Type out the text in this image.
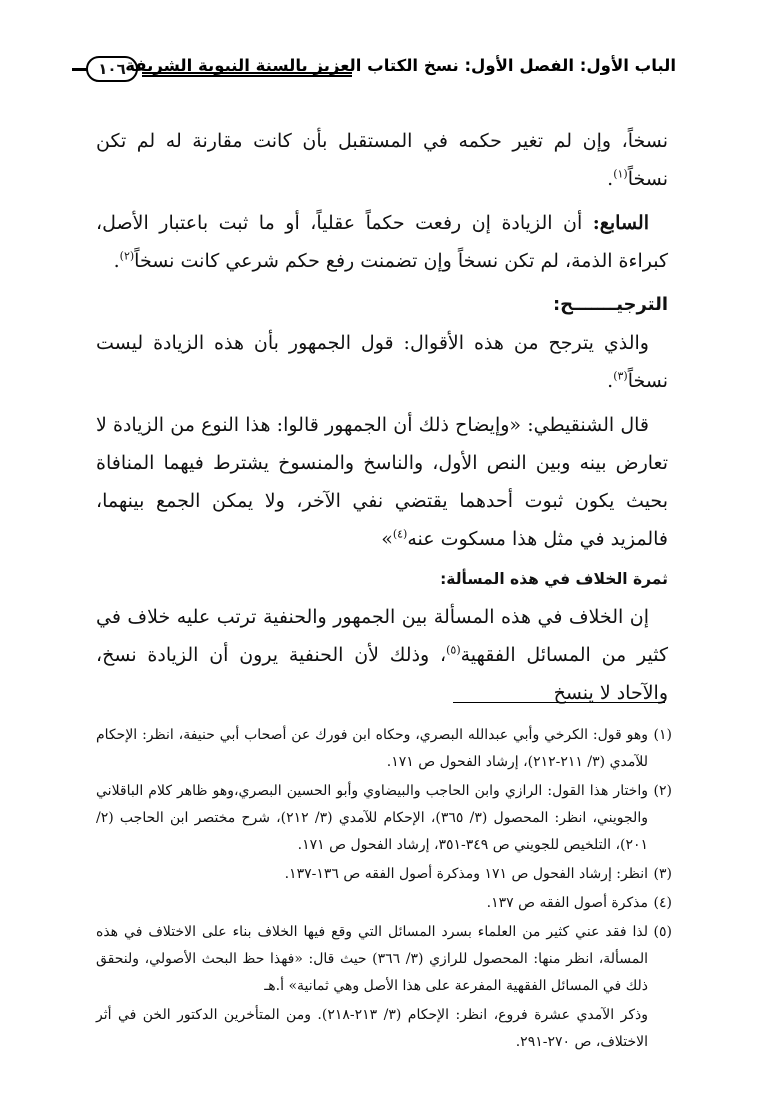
الباب الأول: الفصل الأول: نسخ الكتاب العزيز بالسنة النبوية الشريفة
١٠٦

نسخاً، وإن لم تغير حكمه في المستقبل بأن كانت مقارنة له لم تكن نسخاً$^{(١)}$.

 السابع: أن الزيادة إن رفعت حكماً عقلياً، أو ما ثبت باعتبار الأصل، كبراءة الذمة، لم تكن نسخاً وإن تضمنت رفع حكم شرعي كانت نسخاً$^{(٢)}$.

الترجيـــــــح:

 والذي يترجح من هذه الأقوال: قول الجمهور بأن هذه الزيادة ليست نسخاً$^{(٣)}$.

 قال الشنقيطي: «وإيضاح ذلك أن الجمهور قالوا: هذا النوع من الزيادة لا تعارض بينه وبين النص الأول، والناسخ والمنسوخ يشترط فيهما المنافاة بحيث يكون ثبوت أحدهما يقتضي نفي الآخر، ولا يمكن الجمع بينهما، فالمزيد في مثل هذا مسكوت عنه$^{(٤)}$»

ثمرة الخلاف في هذه المسألة:

 إن الخلاف في هذه المسألة بين الجمهور والحنفية ترتب عليه خلاف في كثير من المسائل الفقهية$^{(٥)}$، وذلك لأن الحنفية يرون أن الزيادة نسخ، والآحاد لا ينسخ

(١)
وهو قول: الكرخي وأبي عبدالله البصري، وحكاه ابن فورك عن أصحاب أبي حنيفة، انظر: الإحكام للآمدي (٣/ ٢١١-٢١٢)، إرشاد الفحول ص ١٧١.
(٢)
واختار هذا القول: الرازي وابن الحاجب والبيضاوي وأبو الحسين البصري،وهو ظاهر كلام الباقلاني والجويني، انظر: المحصول (٣/ ٣٦٥)، الإحكام للآمدي (٣/ ٢١٢)، شرح مختصر ابن الحاجب (٢/ ٢٠١)، التلخيص للجويني ص ٣٤٩-٣٥١، إرشاد الفحول ص ١٧١.
(٣)
انظر: إرشاد الفحول ص ١٧١ ومذكرة أصول الفقه ص ١٣٦-١٣٧.
(٤)
مذكرة أصول الفقه ص ١٣٧.
(٥)
لذا فقد عني كثير من العلماء بسرد المسائل التي وقع فيها الخلاف بناء على الاختلاف في هذه المسألة، انظر منها: المحصول للرازي (٣/ ٣٦٦) حيث قال: «فهذا حظ البحث الأصولي، ولنحقق ذلك في المسائل الفقهية المفرعة على هذا الأصل وهي ثمانية» أ.هـ
وذكر الآمدي عشرة فروع، انظر: الإحكام (٣/ ٢١٣-٢١٨). ومن المتأخرين الدكتور الخن في أثر الاختلاف، ص ٢٧٠-٢٩١.
